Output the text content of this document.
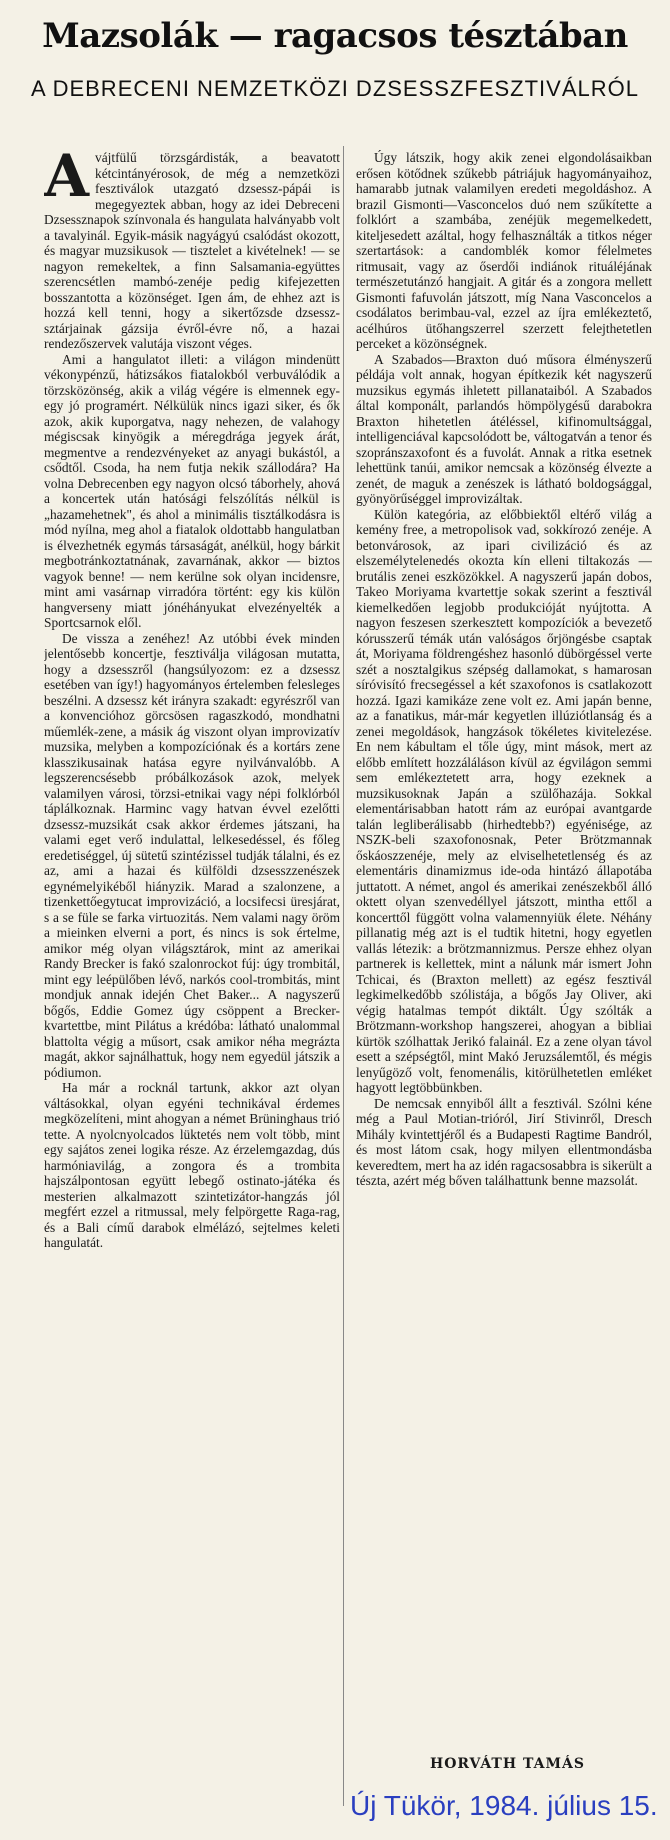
Mazsolák — ragacsos tésztában
A DEBRECENI NEMZETKÖZI DZSESSZFESZTIVÁLRÓL

Avájtfülű törzsgárdisták, a beavatott kétcintányérosok, de még a nemzetközi fesztiválok utazgató dzsessz-pápái is megegyeztek abban, hogy az idei Debreceni Dzsessznapok színvonala és hangulata halványabb volt a tavalyinál. Egyik-másik nagyágyú csalódást okozott, és magyar muzsikusok — tisztelet a kivételnek! — se nagyon remekeltek, a finn Salsamania-együttes szerencsétlen mambó-zenéje pedig kifejezetten bosszantotta a közönséget. Igen ám, de ehhez azt is hozzá kell tenni, hogy a sikertőzsde dzsessz-sztárjainak gázsija évről-évre nő, a hazai rendezőszervek valutája viszont véges.

Ami a hangulatot illeti: a világon mindenütt vékonypénzű, hátizsákos fiatalokból verbuválódik a törzsközönség, akik a világ végére is elmennek egy-egy jó programért. Nélkülük nincs igazi siker, és ők azok, akik kuporgatva, nagy nehezen, de valahogy mégiscsak kinyögik a méregdrága jegyek árát, megmentve a rendezvényeket az anyagi bukástól, a csődtől. Csoda, ha nem futja nekik szállodára? Ha volna Debrecenben egy nagyon olcsó táborhely, ahová a koncertek után hatósági felszólítás nélkül is „hazamehetnek", és ahol a minimális tisztálkodásra is mód nyílna, meg ahol a fiatalok oldottabb hangulatban is élvezhetnék egymás társaságát, anélkül, hogy bárkit megbotránkoztatnának, zavarnának, akkor — biztos vagyok benne! — nem kerülne sok olyan incidensre, mint ami vasárnap virradóra történt: egy kis külön hangverseny miatt jónéhányukat elvezényelték a Sportcsarnok elől.

De vissza a zenéhez! Az utóbbi évek minden jelentősebb koncertje, fesztiválja világosan mutatta, hogy a dzsesszről (hangsúlyozom: ez a dzsessz esetében van így!) hagyományos értelemben felesleges beszélni. A dzsessz két irányra szakadt: egyrészről van a konvencióhoz görcsösen ragaszkodó, mondhatni műemlék-zene, a másik ág viszont olyan improvizatív muzsika, melyben a kompozíciónak és a kortárs zene klasszikusainak hatása egyre nyilvánvalóbb. A legszerencsésebb próbálkozások azok, melyek valamilyen városi, törzsi-etnikai vagy népi folklórból táplálkoznak. Harminc vagy hatvan évvel ezelőtti dzsessz-muzsikát csak akkor érdemes játszani, ha valami eget verő indulattal, lelkesedéssel, és főleg eredetiséggel, új sütetű szintézissel tudják tálalni, és ez az, ami a hazai és külföldi dzsesszzenészek egynémelyikéből hiányzik. Marad a szalonzene, a tizenkettőegytucat improvizáció, a locsifecsi üresjárat, s a se füle se farka virtuozitás. Nem valami nagy öröm a mieinken elverni a port, és nincs is sok értelme, amikor még olyan világsztárok, mint az amerikai Randy Brecker is fakó szalonrockot fúj: úgy trombitál, mint egy leépülőben lévő, narkós cool-trombitás, mint mondjuk annak idején Chet Baker... A nagyszerű bőgős, Eddie Gomez úgy csöppent a Brecker-kvartettbe, mint Pilátus a krédóba: látható unalommal blattolta végig a műsort, csak amikor néha megrázta magát, akkor sajnálhattuk, hogy nem egyedül játszik a pódiumon.

Ha már a rocknál tartunk, akkor azt olyan váltásokkal, olyan egyéni technikával érdemes megközelíteni, mint ahogyan a német Brüninghaus trió tette. A nyolcnyolcados lüktetés nem volt több, mint egy sajátos zenei logika része. Az érzelemgazdag, dús harmóniavilág, a zongora és a trombita hajszálpontosan együtt lebegő ostinato-játéka és mesterien alkalmazott szintetizátor-hangzás jól megfért ezzel a ritmussal, mely felpörgette Raga-rag, és a Bali című darabok elmélázó, sejtelmes keleti hangulatát.

Úgy látszik, hogy akik zenei elgondolásaikban erősen kötődnek szűkebb pátriájuk hagyományaihoz, hamarabb jutnak valamilyen eredeti megoldáshoz. A brazil Gismonti—Vasconcelos duó nem szűkítette a folklórt a szambába, zenéjük megemelkedett, kiteljesedett azáltal, hogy felhasználták a titkos néger szertartások: a candomblék komor félelmetes ritmusait, vagy az őserdői indiánok rituáléjának természetutánzó hangjait. A gitár és a zongora mellett Gismonti fafuvolán játszott, míg Nana Vasconcelos a csodálatos berimbau-val, ezzel az íjra emlékeztető, acélhúros ütőhangszerrel szerzett felejthetetlen perceket a közönségnek.

A Szabados—Braxton duó műsora élményszerű példája volt annak, hogyan építkezik két nagyszerű muzsikus egymás ihletett pillanataiból. A Szabados által komponált, parlandós hömpölygésű darabokra Braxton hihetetlen átéléssel, kifinomultsággal, intelligenciával kapcsolódott be, váltogatván a tenor és szopránszaxofont és a fuvolát. Annak a ritka esetnek lehettünk tanúi, amikor nemcsak a közönség élvezte a zenét, de maguk a zenészek is látható boldogsággal, gyönyörűséggel improvizáltak.

Külön kategória, az előbbiektől eltérő világ a kemény free, a metropolisok vad, sokkírozó zenéje. A betonvárosok, az ipari civilizáció és az elszemélytelenedés okozta kín elleni tiltakozás — brutális zenei eszközökkel. A nagyszerű japán dobos, Takeo Moriyama kvartettje sokak szerint a fesztivál kiemelkedően legjobb produkcióját nyújtotta. A nagyon feszesen szerkesztett kompozíciók a bevezető kórusszerű témák után valóságos őrjöngésbe csaptak át, Moriyama földrengéshez hasonló dübörgéssel verte szét a nosztalgikus szépség dallamokat, s hamarosan síróvisító frecsegéssel a két szaxofonos is csatlakozott hozzá. Igazi kamikáze zene volt ez. Ami japán benne, az a fanatikus, már-már kegyetlen illúziótlanság és a zenei megoldások, hangzások tökéletes kivitelezése. En nem kábultam el tőle úgy, mint mások, mert az előbb említett hozzáláláson kívül az égvilágon semmi sem emlékeztetett arra, hogy ezeknek a muzsikusoknak Japán a szülőhazája. Sokkal elementárisabban hatott rám az európai avantgarde talán legliberálisabb (hirhedtebb?) egyénisége, az NSZK-beli szaxofonosnak, Peter Brötzmannak őskáoszzenéje, mely az elviselhetetlenség és az elementáris dinamizmus ide-oda hintázó állapotába juttatott. A német, angol és amerikai zenészekből álló oktett olyan szenvedéllyel játszott, mintha ettől a koncerttől függött volna valamennyiük élete. Néhány pillanatig még azt is el tudtik hitetni, hogy egyetlen vallás létezik: a brötzmannizmus. Persze ehhez olyan partnerek is kellettek, mint a nálunk már ismert John Tchicai, és (Braxton mellett) az egész fesztivál legkimelkedőbb szólistája, a bőgős Jay Oliver, aki végig hatalmas tempót diktált. Úgy szólták a Brötzmann-workshop hangszerei, ahogyan a bibliai kürtök szólhattak Jerikó falainál. Ez a zene olyan távol esett a szépségtől, mint Makó Jeruzsálemtől, és mégis lenyűgöző volt, fenomenális, kitörülhetetlen emléket hagyott legtöbbünkben.

De nemcsak ennyiből állt a fesztivál. Szólni kéne még a Paul Motian-trióról, Jirí Stivinről, Dresch Mihály kvintettjéről és a Budapesti Ragtime Bandról, és most látom csak, hogy milyen ellentmondásba keveredtem, mert ha az idén ragacsosabbra is sikerült a tészta, azért még bőven találhattunk benne mazsolát.

HORVÁTH TAMÁS
Új Tükör, 1984. július 15.
